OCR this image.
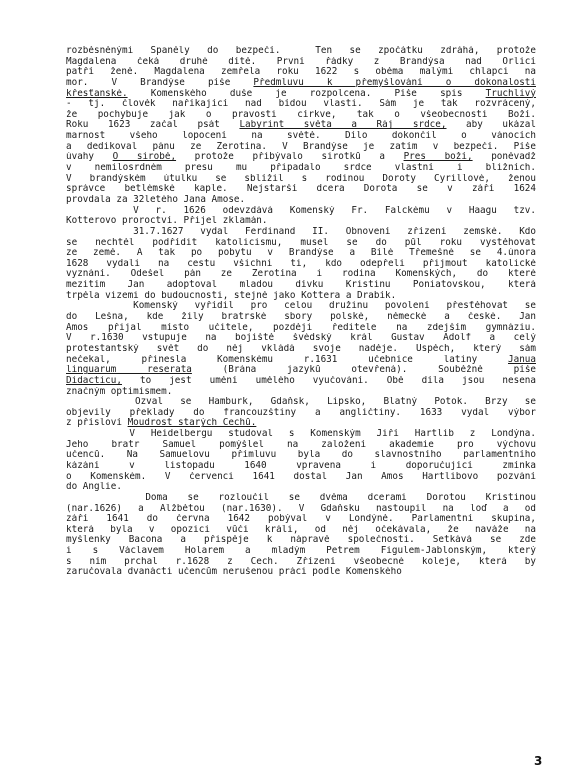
rozběsněnými Španěly do bezpečí.  Ten se zpočátku zdráhá, protože
Magdalena čeká druhé dítě. První řádky z Brandýsa nad Orlicí
patří ženě. Magdalena zemřela roku 1622 s oběma malými chlapci na
mor. V Brandýse píše Předmluvu k přemyšlování o dokonalosti
křesťanské. Komenského duše je rozpolcena. Píše spis Truchlivý
- tj. člověk naříkající nad bídou vlasti. Sám je tak rozvrácený,
že pochybuje jak o pravosti církve, tak o všeobecnosti Boží.
Roku 1623 začal psát Labyrint světa a Ráj srdce, aby ukázal
marnost všeho lopocení na světě. Dílo dokončil o vánocích
a dedikoval pánu ze Žerotína. V Brandýse je zatím v bezpečí. Píše
úvahy O sirobě, protože přibývalo sirotků a Pres boží, poněvadž
v nemilosrdném presu mu připadalo srdce vlastní i bližních.
V brandýském útulku se sblížil s rodinou Doroty Cyrillové, ženou
správce betlémské kaple. Nejstarší dcera Dorota se v září 1624
provdala za 32letého Jana Amose.
V r. 1626 odevzdává Komenský Fr. Falckému v Haagu tzv.
Kotterovo proroctví. Přijel zklamán.
31.7.1627 vydal Ferdinand II. Obnovení zřízení zemské. Kdo
se nechtěl podřídit katolicismu, musel se do půl roku vystěhovat
ze země. A tak po pobytu v Brandýse a Bílé Třemešné se 4.února
1628 vydali na cestu všichni ti, kdo odepřeli přijmout katolické
vyznání. Odešel pán ze Žerotína i rodina Komenských, do které
mezitím Jan adoptoval mladou dívku Kristinu Poniatovskou, která
trpěla vizemi do budoucnosti, stejně jako Kottera a Drabík.
Komenský vyřídil pro celou družinu povolení přesťěhovat se
do Lešna, kde žily bratrské sbory polské, německé a české. Jan
Amos přijal místo učitele, později ředitele na zdejším gymnáziu.
V r.1630 vstupuje na bojiště švédský král Gustav Adolf a celý
protestantský svět do něj vkládá svoje naděje. Úspěch, který sám
nečekal, přinesla Komenskému r.1631 učebnice latiny Janua
linguarum reserata (Brána jazyků otevřená). Souběžně píše
Didacticu, to jest umění umělého vyučování. Obě díla jsou nesena
značným optimismem.
Ozval se Hamburk, Gdaňsk, Lipsko, Blatný Potok. Brzy se
objevily překlady do francouzštiny a angličtiny. 1633 vydal výbor
z přísloví Moudrost starých Čechů.
V Heidelbergu studoval s Komenským Jiří Hartlib z Londýna.
Jeho bratr Samuel pomýšlel na založení akademie pro výchovu
učenců. Na Samuelovu přímluvu byla do slavnostního parlamentního
kázání v listopadu 1640 vpravena i doporučující zmínka
o Komenském. V červenci 1641 dostal Jan Amos Hartlibovo pozvání
do Anglie.
Doma se rozloučil se dvěma dcerami Dorotou Kristinou
(nar.1626) a Alžbětou (nar.1630). V Gdaňsku nastoupil na loď a od
září 1641 do června 1642 pobýval v Londýně. Parlamentní skupina,
která byla v opozici vůči králi, od něj očekávala, že naváže na
myšlenky Bacona a přispěje k nápravě společnosti. Setkává se zde
i s Václavem Holarem a mladým Petrem Figulem-Jablonským, který
s ním prchal r.1628 z Čech. Zřízení všeobecné koleje, která by
zaručovala dvanácti učencům nerušenou práci podle Komenského
3
